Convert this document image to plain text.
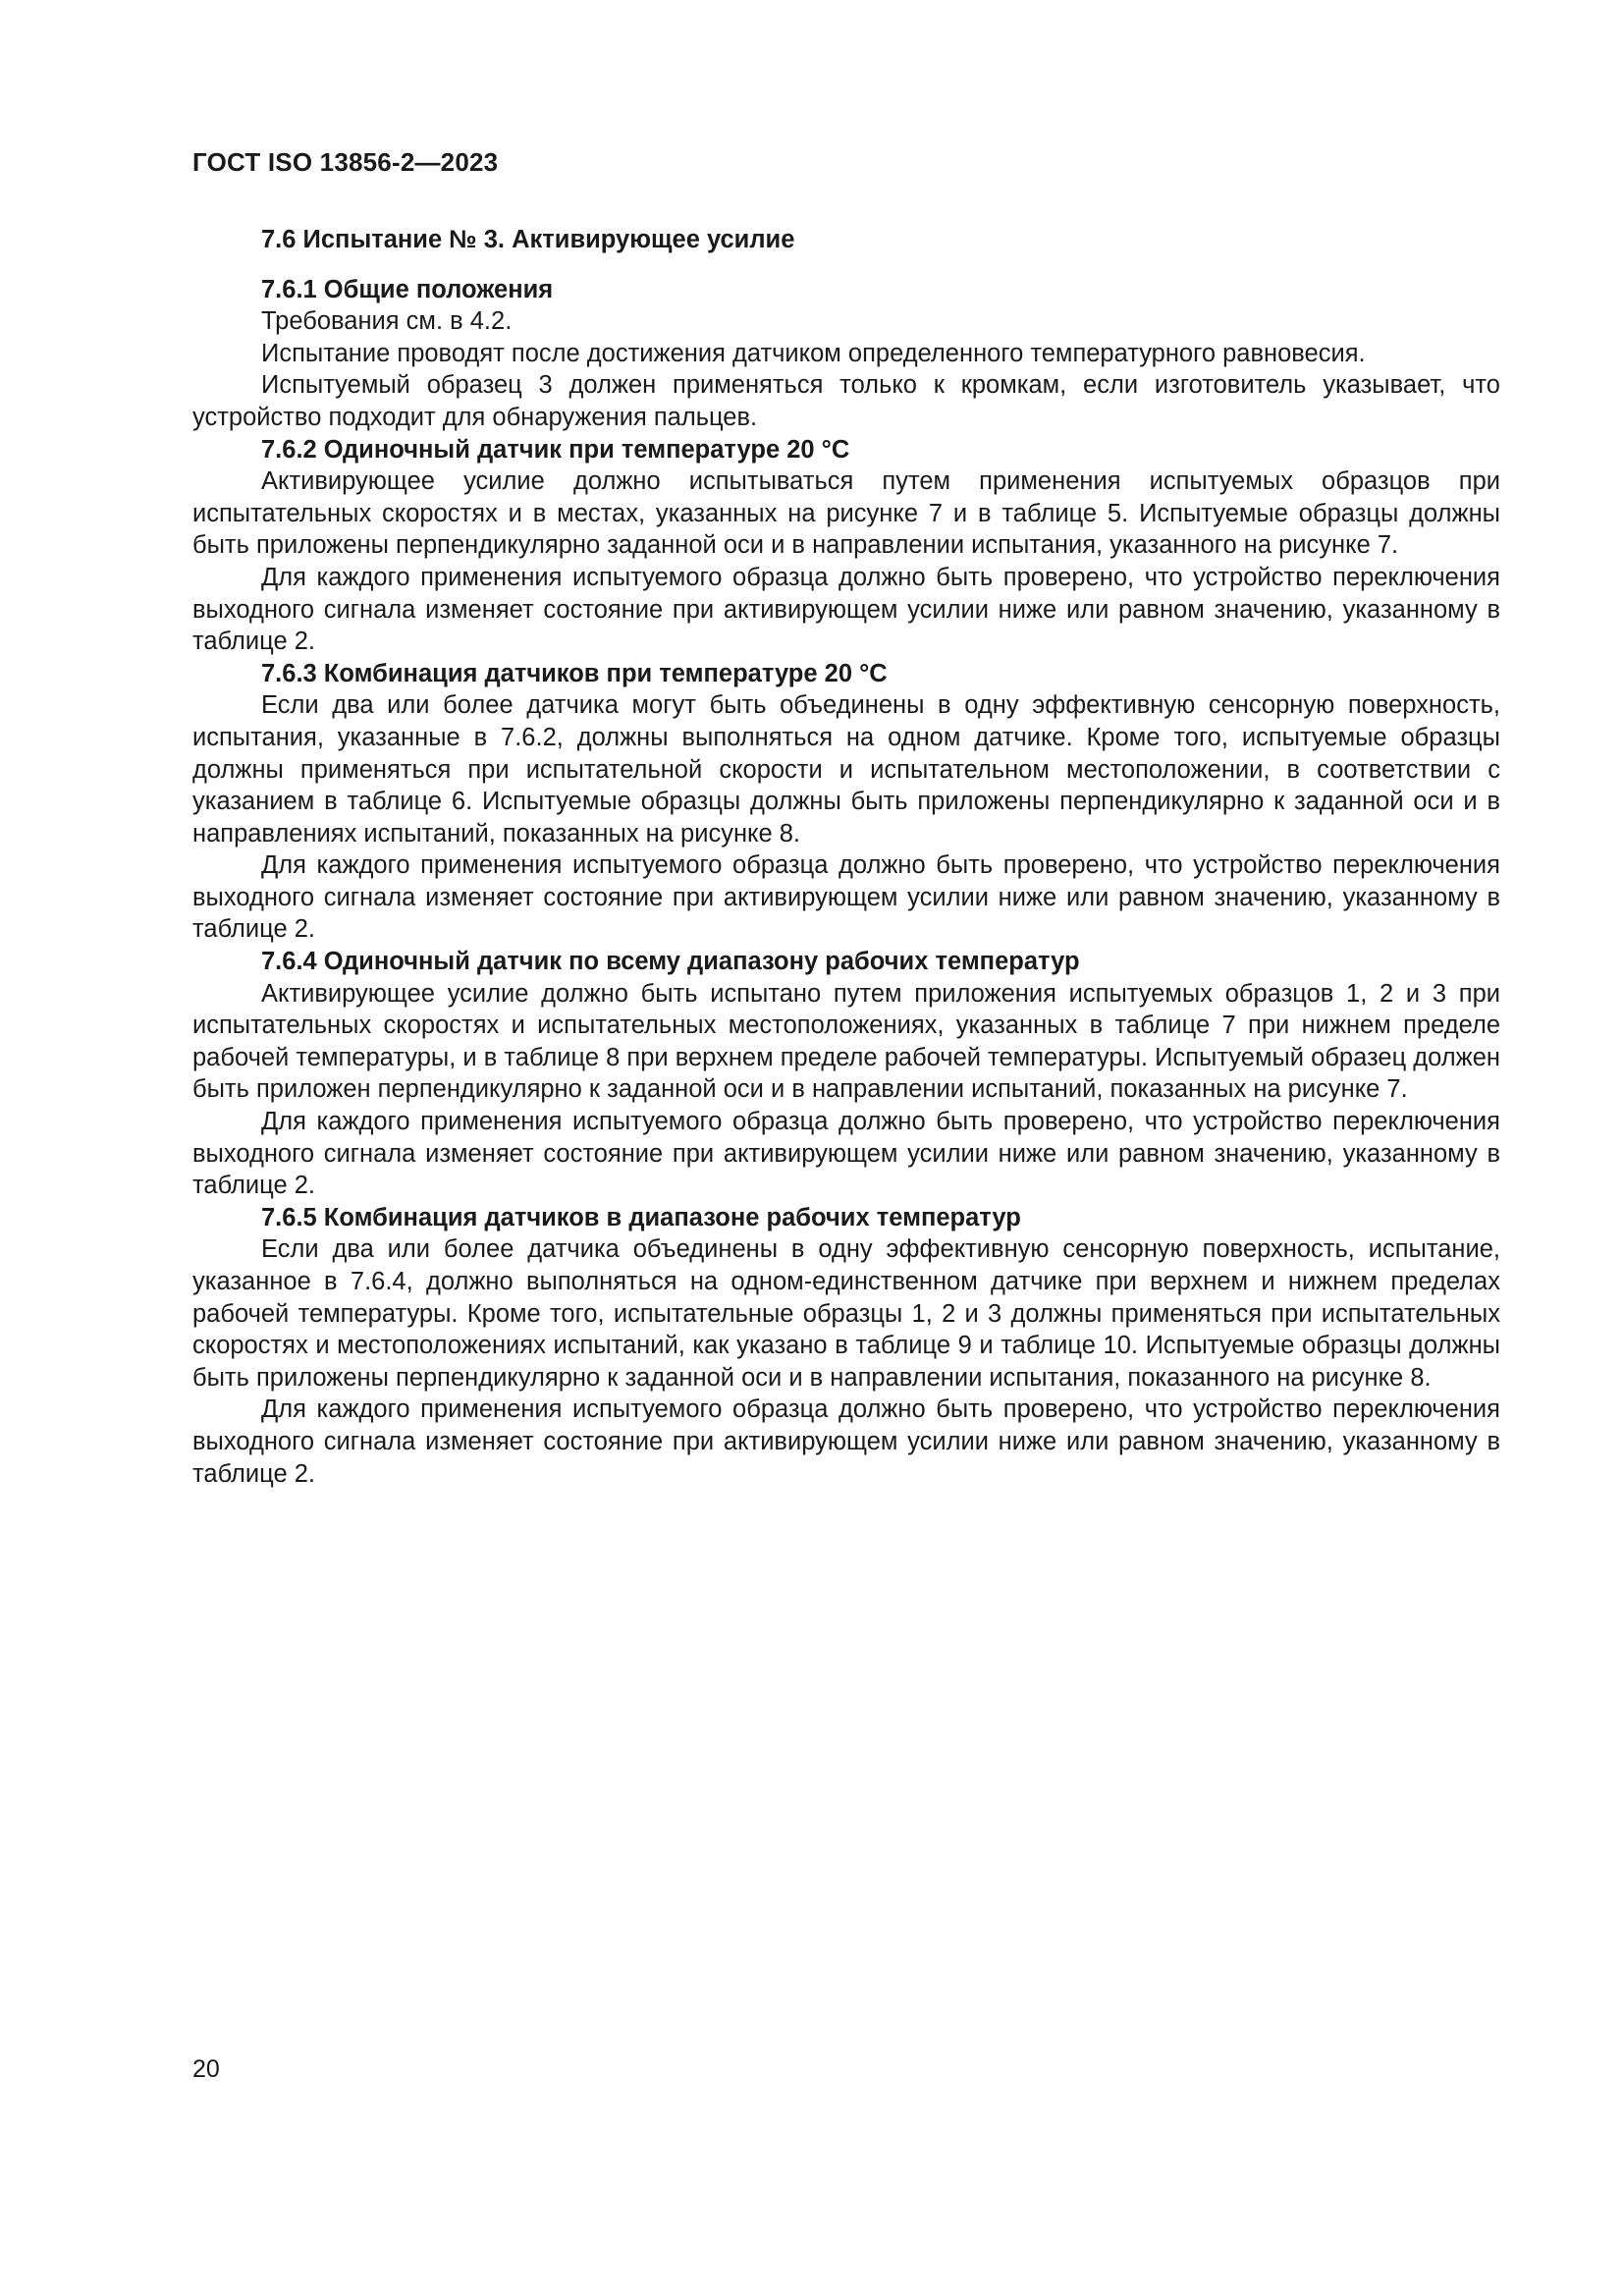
ГОСТ ISO 13856-2—2023
7.6 Испытание № 3. Активирующее усилие
7.6.1 Общие положения

Требования см. в 4.2.

Испытание проводят после достижения датчиком определенного температурного равновесия.

Испытуемый образец 3 должен применяться только к кромкам, если изготовитель указывает, что устройство подходит для обнаружения пальцев.

7.6.2 Одиночный датчик при температуре 20 °С

Активирующее усилие должно испытываться путем применения испытуемых образцов при испытательных скоростях и в местах, указанных на рисунке 7 и в таблице 5. Испытуемые образцы должны быть приложены перпендикулярно заданной оси и в направлении испытания, указанного на рисунке 7.

Для каждого применения испытуемого образца должно быть проверено, что устройство переключения выходного сигнала изменяет состояние при активирующем усилии ниже или равном значению, указанному в таблице 2.

7.6.3 Комбинация датчиков при температуре 20 °С

Если два или более датчика могут быть объединены в одну эффективную сенсорную поверхность, испытания, указанные в 7.6.2, должны выполняться на одном датчике. Кроме того, испытуемые образцы должны применяться при испытательной скорости и испытательном местоположении, в соответствии с указанием в таблице 6. Испытуемые образцы должны быть приложены перпендикулярно к заданной оси и в направлениях испытаний, показанных на рисунке 8.

Для каждого применения испытуемого образца должно быть проверено, что устройство переключения выходного сигнала изменяет состояние при активирующем усилии ниже или равном значению, указанному в таблице 2.

7.6.4 Одиночный датчик по всему диапазону рабочих температур

Активирующее усилие должно быть испытано путем приложения испытуемых образцов 1, 2 и 3 при испытательных скоростях и испытательных местоположениях, указанных в таблице 7 при нижнем пределе рабочей температуры, и в таблице 8 при верхнем пределе рабочей температуры. Испытуемый образец должен быть приложен перпендикулярно к заданной оси и в направлении испытаний, показанных на рисунке 7.

Для каждого применения испытуемого образца должно быть проверено, что устройство переключения выходного сигнала изменяет состояние при активирующем усилии ниже или равном значению, указанному в таблице 2.

7.6.5 Комбинация датчиков в диапазоне рабочих температур

Если два или более датчика объединены в одну эффективную сенсорную поверхность, испытание, указанное в 7.6.4, должно выполняться на одном-единственном датчике при верхнем и нижнем пределах рабочей температуры. Кроме того, испытательные образцы 1, 2 и 3 должны применяться при испытательных скоростях и местоположениях испытаний, как указано в таблице 9 и таблице 10. Испытуемые образцы должны быть приложены перпендикулярно к заданной оси и в направлении испытания, показанного на рисунке 8.

Для каждого применения испытуемого образца должно быть проверено, что устройство переключения выходного сигнала изменяет состояние при активирующем усилии ниже или равном значению, указанному в таблице 2.

20
